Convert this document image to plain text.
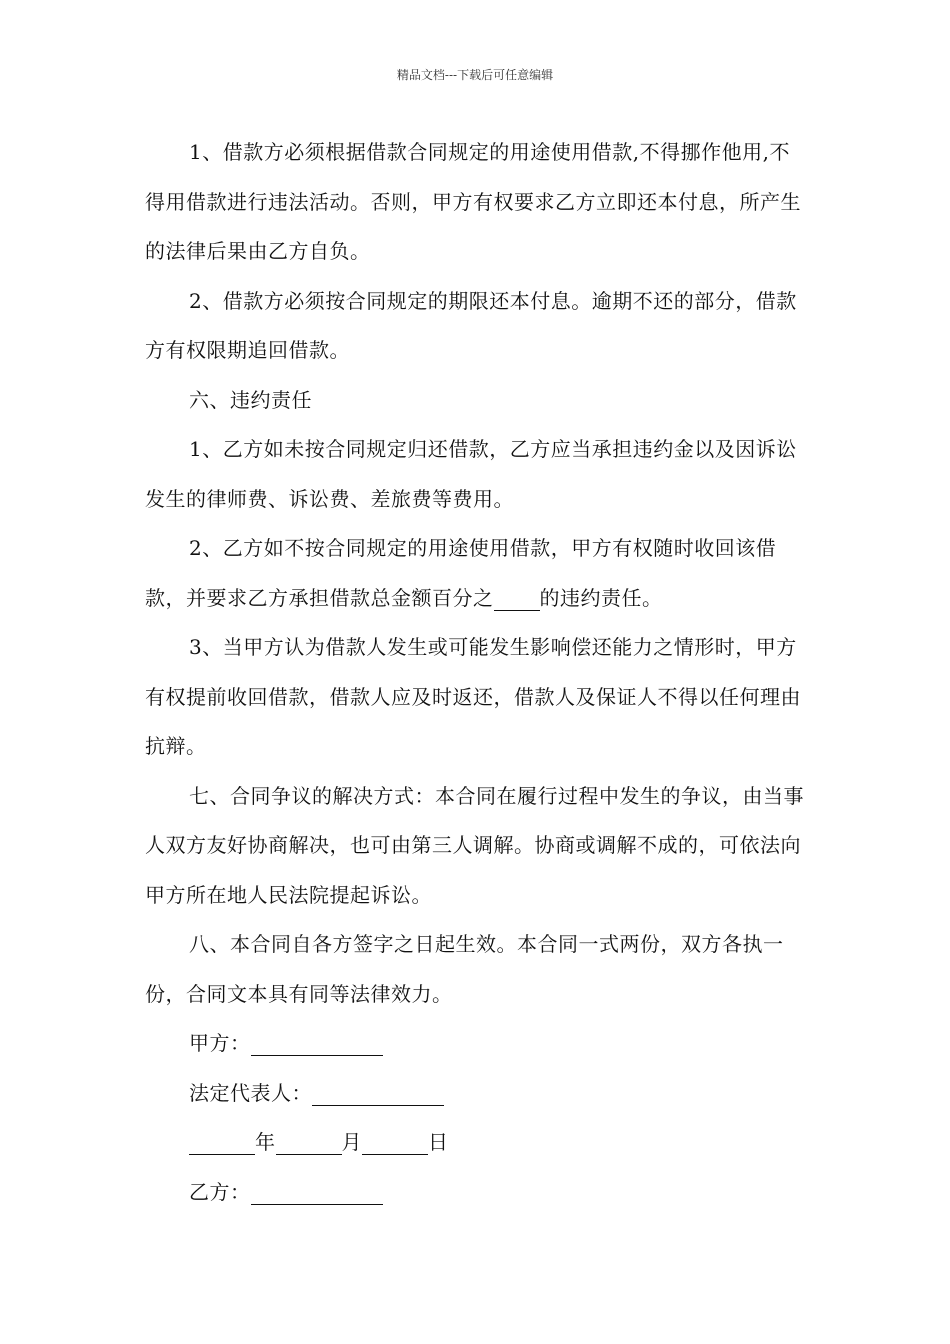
精品文档---下载后可任意编辑

1、借款方必须根据借款合同规定的用途使用借款,不得挪作他用,不得用借款进行违法活动。否则，甲方有权要求乙方立即还本付息，所产生的法律后果由乙方自负。

2、借款方必须按合同规定的期限还本付息。逾期不还的部分，借款方有权限期追回借款。

六、违约责任

1、乙方如未按合同规定归还借款，乙方应当承担违约金以及因诉讼发生的律师费、诉讼费、差旅费等费用。

2、乙方如不按合同规定的用途使用借款，甲方有权随时收回该借款，并要求乙方承担借款总金额百分之 的违约责任。

3、当甲方认为借款人发生或可能发生影响偿还能力之情形时，甲方有权提前收回借款，借款人应及时返还，借款人及保证人不得以任何理由抗辩。

七、合同争议的解决方式：本合同在履行过程中发生的争议，由当事人双方友好协商解决，也可由第三人调解。协商或调解不成的，可依法向甲方所在地人民法院提起诉讼。

八、本合同自各方签字之日起生效。本合同一式两份，双方各执一份，合同文本具有同等法律效力。

甲方：

法定代表人：

年	月	日

乙方：
